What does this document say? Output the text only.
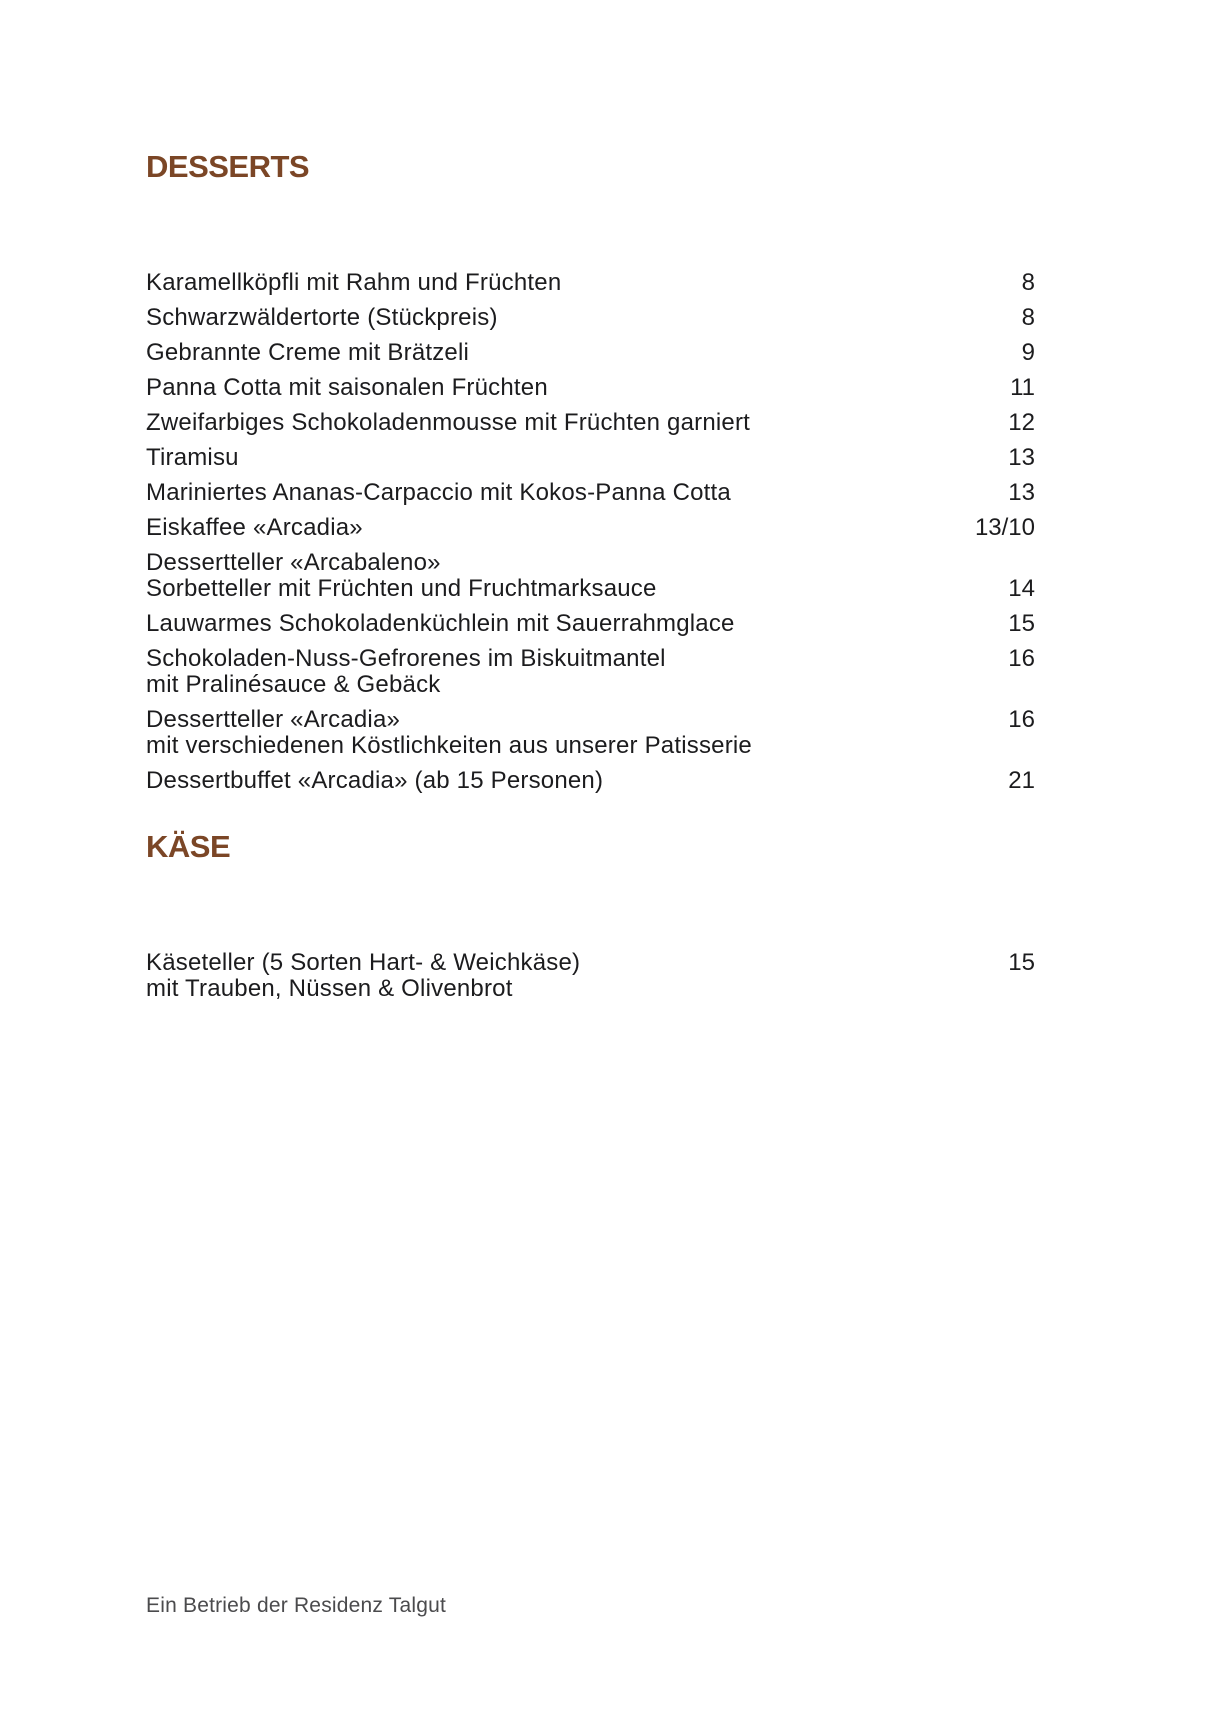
DESSERTS
Karamellköpfli mit Rahm und Früchten	8
Schwarzwäldertorte (Stückpreis)	8
Gebrannte Creme mit Brätzeli	9
Panna Cotta mit saisonalen Früchten	11
Zweifarbiges Schokoladenmousse mit Früchten garniert	12
Tiramisu	13
Mariniertes Ananas-Carpaccio mit Kokos-Panna Cotta	13
Eiskaffee «Arcadia»	13/10
Dessertteller «Arcabaleno»
Sorbetteller mit Früchten und Fruchtmarksauce	14
Lauwarmes Schokoladenküchlein mit Sauerrahmglace	15
Schokoladen-Nuss-Gefrorenes im Biskuitmantel	16
mit Pralinésauce & Gebäck
Dessertteller «Arcadia»	16
mit verschiedenen Köstlichkeiten aus unserer Patisserie
Dessertbuffet «Arcadia» (ab 15 Personen)	21
KÄSE
Käseteller (5 Sorten Hart- & Weichkäse)	15
mit Trauben, Nüssen & Olivenbrot
Ein Betrieb der Residenz Talgut
